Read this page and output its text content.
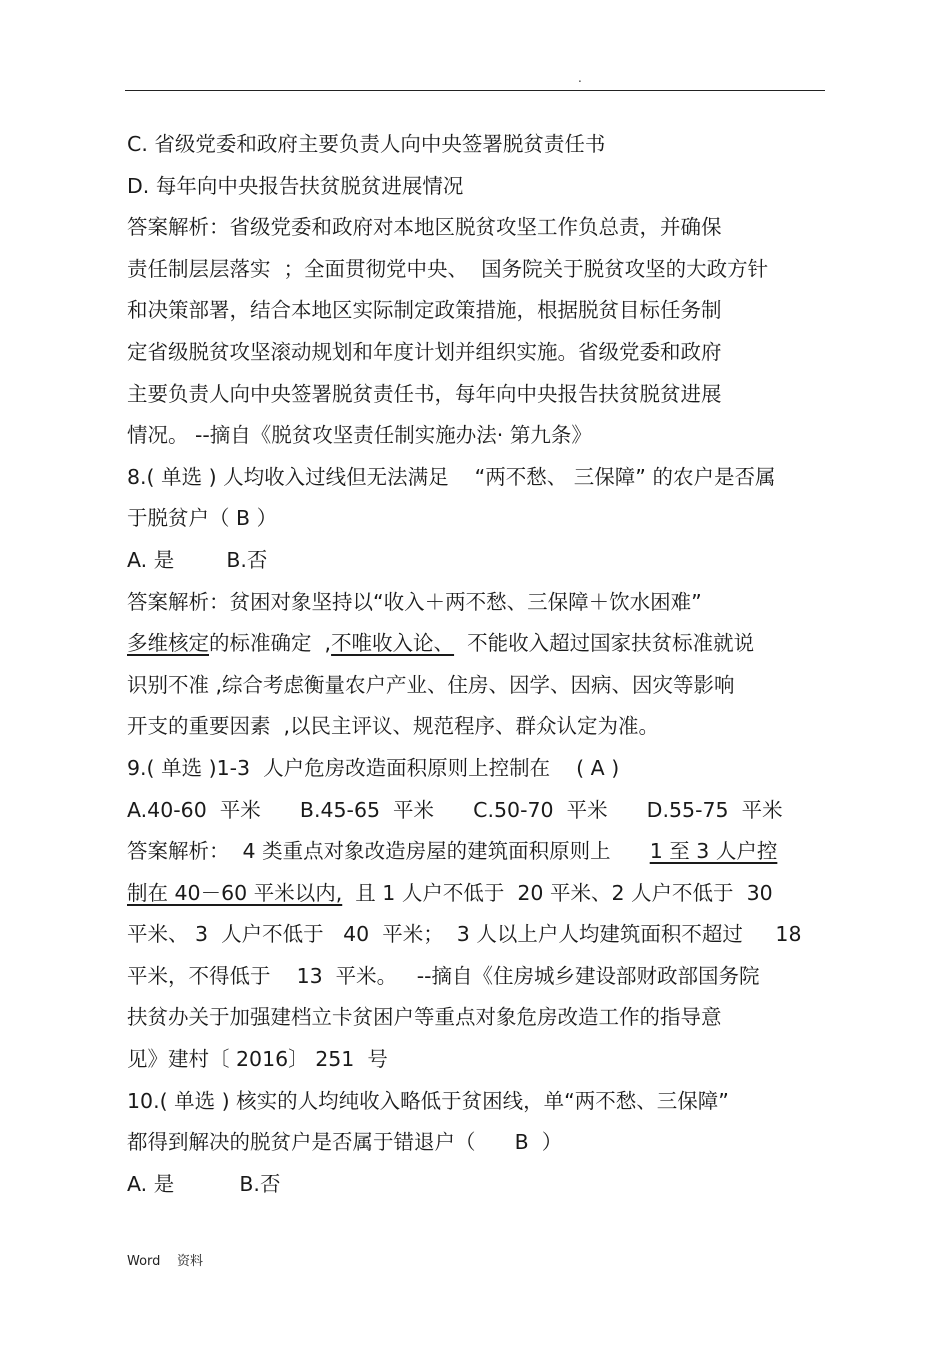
.
C. 省级党委和政府主要负责人向中央签署脱贫责任书
D. 每年向中央报告扶贫脱贫进展情况
答案解析：省级党委和政府对本地区脱贫攻坚工作负总责，并确保
责任制层层落实  ；全面贯彻党中央、  国务院关于脱贫攻坚的大政方针
和决策部署，结合本地区实际制定政策措施，根据脱贫目标任务制
定省级脱贫攻坚滚动规划和年度计划并组织实施。省级党委和政府
主要负责人向中央签署脱贫责任书，每年向中央报告扶贫脱贫进展
情况。 --摘自《脱贫攻坚责任制实施办法· 第九条》
8.( 单选 ) 人均收入过线但无法满足    “两不愁、 三保障” 的农户是否属
于脱贫户（ B ）
A. 是        B.否
答案解析：贫困对象坚持以“收入＋两不愁、三保障＋饮水困难”
多维核定的标准确定  ,不唯收入论、  不能收入超过国家扶贫标准就说
识别不准 ,综合考虑衡量农户产业、住房、因学、因病、因灾等影响
开支的重要因素  ,以民主评议、规范程序、群众认定为准。
9.( 单选 )1-3  人户危房改造面积原则上控制在    ( A )
A.40-60  平米      B.45-65  平米      C.50-70  平米      D.55-75  平米
答案解析：  4 类重点对象改造房屋的建筑面积原则上      1 至 3 人户控
制在 40－60 平米以内,  且 1 人户不低于  20 平米、2 人户不低于  30
平米、 3  人户不低于   40  平米；  3 人以上户人均建筑面积不超过     18
平米，不得低于    13  平米。   --摘自《住房城乡建设部财政部国务院
扶贫办关于加强建档立卡贫困户等重点对象危房改造工作的指导意
见》建村〔 2016〕 251  号
10.( 单选 ) 核实的人均纯收入略低于贫困线，单“两不愁、三保障”
都得到解决的脱贫户是否属于错退户（      B  ）
A. 是          B.否
Word    资料
